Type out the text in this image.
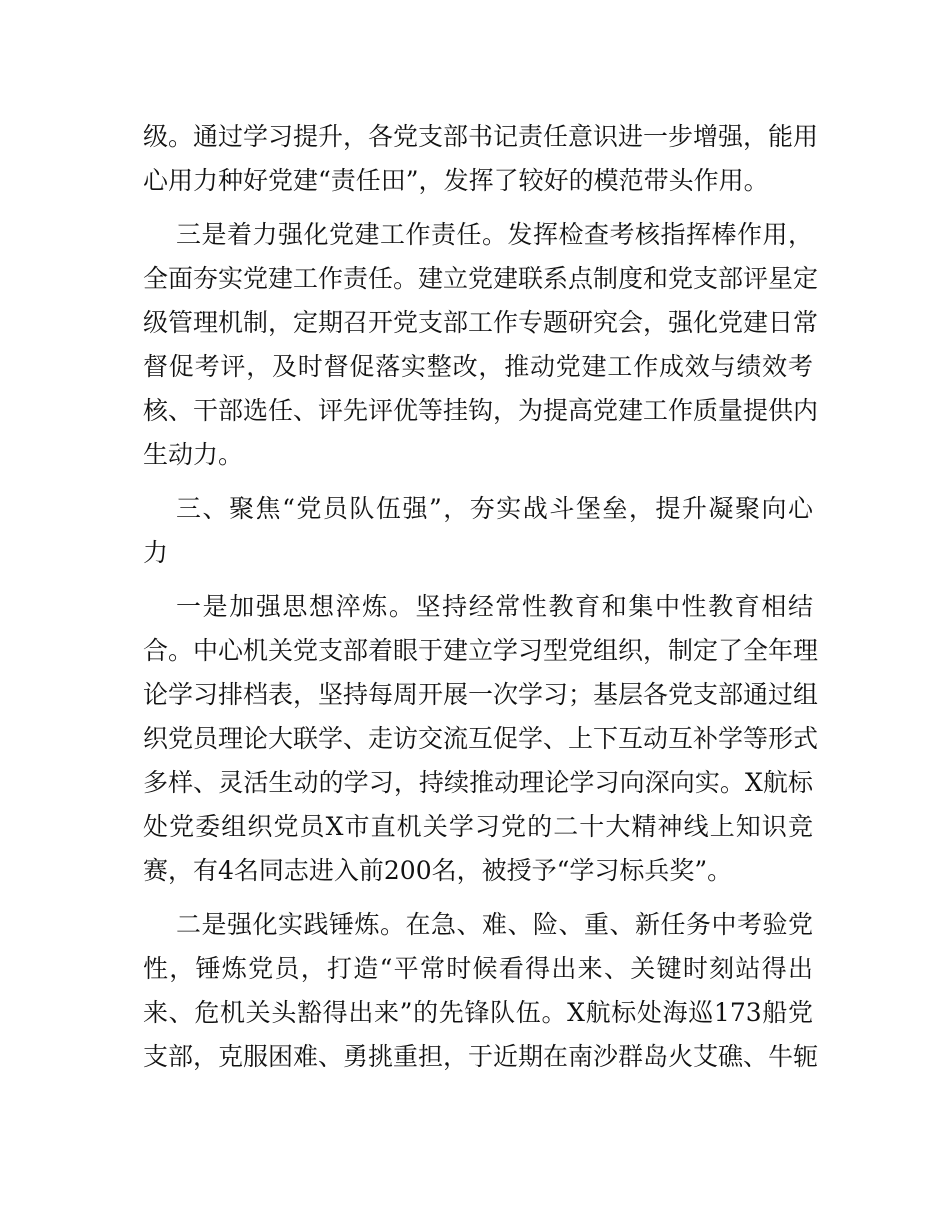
级。通过学习提升，各党支部书记责任意识进一步增强，能用
心用力种好党建“责任田”，发挥了较好的模范带头作用。
三是着力强化党建工作责任。发挥检查考核指挥棒作用，
全面夯实党建工作责任。建立党建联系点制度和党支部评星定
级管理机制，定期召开党支部工作专题研究会，强化党建日常
督促考评，及时督促落实整改，推动党建工作成效与绩效考
核、干部选任、评先评优等挂钩，为提高党建工作质量提供内
生动力。
三、聚焦“党员队伍强”，夯实战斗堡垒，提升凝聚向心
力
一是加强思想淬炼。坚持经常性教育和集中性教育相结
合。中心机关党支部着眼于建立学习型党组织，制定了全年理
论学习排档表，坚持每周开展一次学习；基层各党支部通过组
织党员理论大联学、走访交流互促学、上下互动互补学等形式
多样、灵活生动的学习，持续推动理论学习向深向实。X航标
处党委组织党员X市直机关学习党的二十大精神线上知识竞
赛，有4名同志进入前200名，被授予“学习标兵奖”。
二是强化实践锤炼。在急、难、险、重、新任务中考验党
性，锤炼党员，打造“平常时候看得出来、关键时刻站得出
来、危机关头豁得出来”的先锋队伍。X航标处海巡173船党
支部，克服困难、勇挑重担，于近期在南沙群岛火艾礁、牛轭
